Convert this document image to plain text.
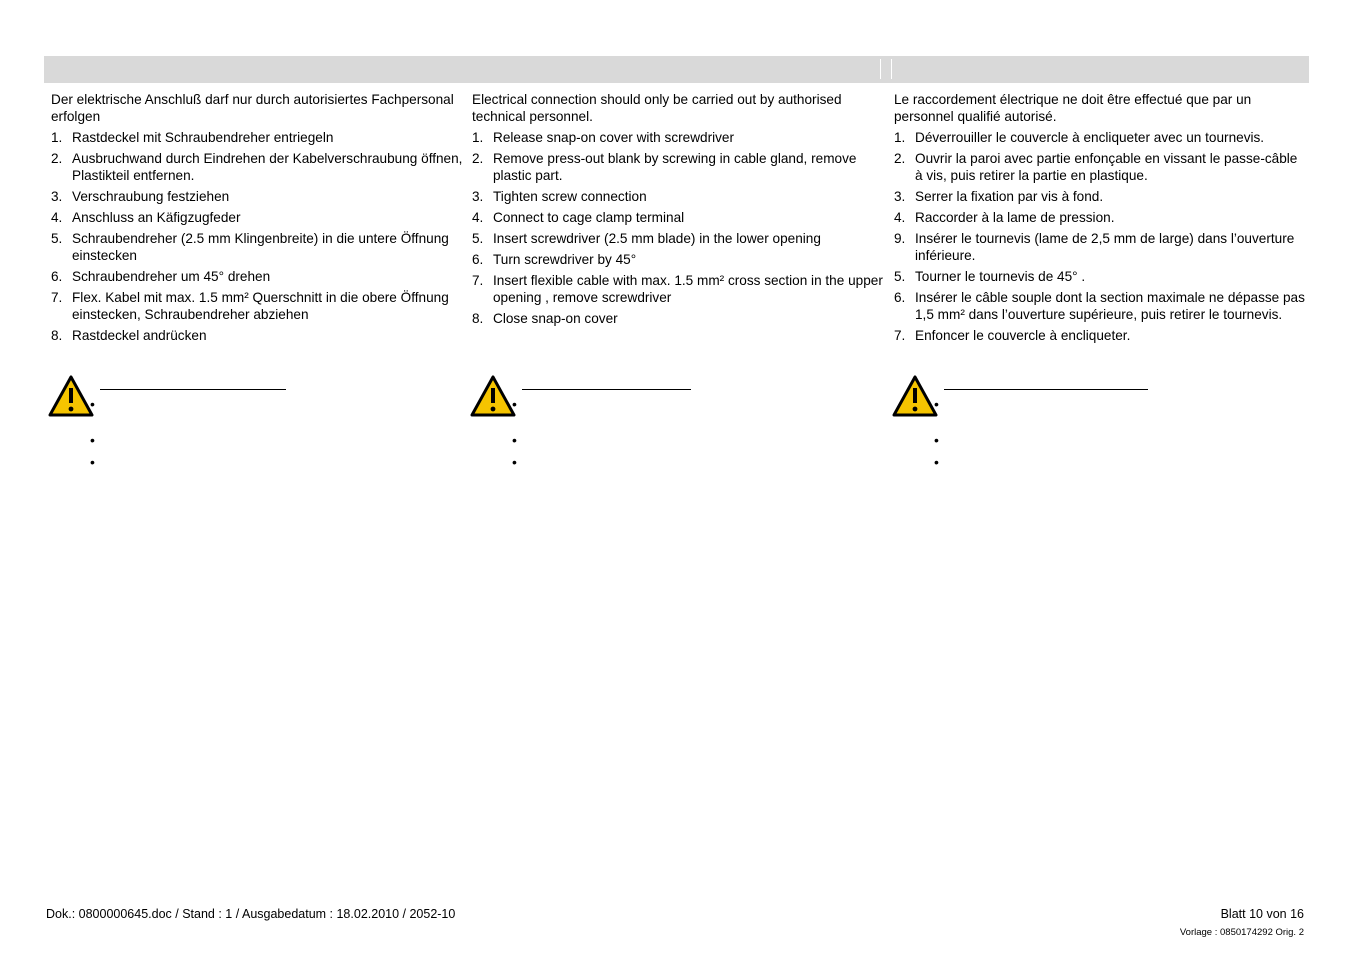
Der elektrische Anschluß darf nur durch autorisiertes Fachpersonal erfolgen

1. Rastdeckel mit Schraubendreher entriegeln
2. Ausbruchwand durch Eindrehen der Kabelverschraubung öffnen, Plastikteil entfernen.
3. Verschraubung festziehen
4. Anschluss an Käfigzugfeder
5. Schraubendreher (2.5 mm Klingenbreite) in die untere Öffnung einstecken
6. Schraubendreher um 45° drehen
7. Flex. Kabel mit max. 1.5 mm² Querschnitt in die obere Öffnung einstecken, Schraubendreher abziehen
8. Rastdeckel andrücken

Electrical connection should only be carried out by authorised technical personnel.

1. Release snap-on cover with screwdriver
2. Remove press-out blank by screwing in cable gland, remove plastic part.
3. Tighten screw connection
4. Connect to cage clamp terminal
5. Insert screwdriver (2.5 mm blade) in the lower opening
6. Turn screwdriver by 45°
7. Insert flexible cable with max. 1.5 mm² cross section in the upper opening , remove screwdriver
8. Close snap-on cover

Le raccordement électrique ne doit être effectué que par un personnel qualifié autorisé.

1. Déverrouiller le couvercle à encliqueter avec un tournevis.
2. Ouvrir la paroi avec partie enfonçable en vissant le passe-câble à vis, puis retirer la partie en plastique.
3. Serrer la fixation par vis à fond.
4. Raccorder à la lame de pression.
9. Insérer le tournevis (lame de 2,5 mm de large) dans l’ouverture inférieure.
5. Tourner le tournevis de 45° .
6. Insérer le câble souple dont la section maximale ne dépasse pas 1,5 mm² dans l’ouverture supérieure, puis retirer le tournevis.
7. Enfoncer le couvercle à encliqueter.
•
•
•
•
•
•
•
•
•
Dok.: 0800000645.doc / Stand : 1 / Ausgabedatum : 18.02.2010 / 2052-10	Blatt 10 von 16
Vorlage : 0850174292 Orig. 2
